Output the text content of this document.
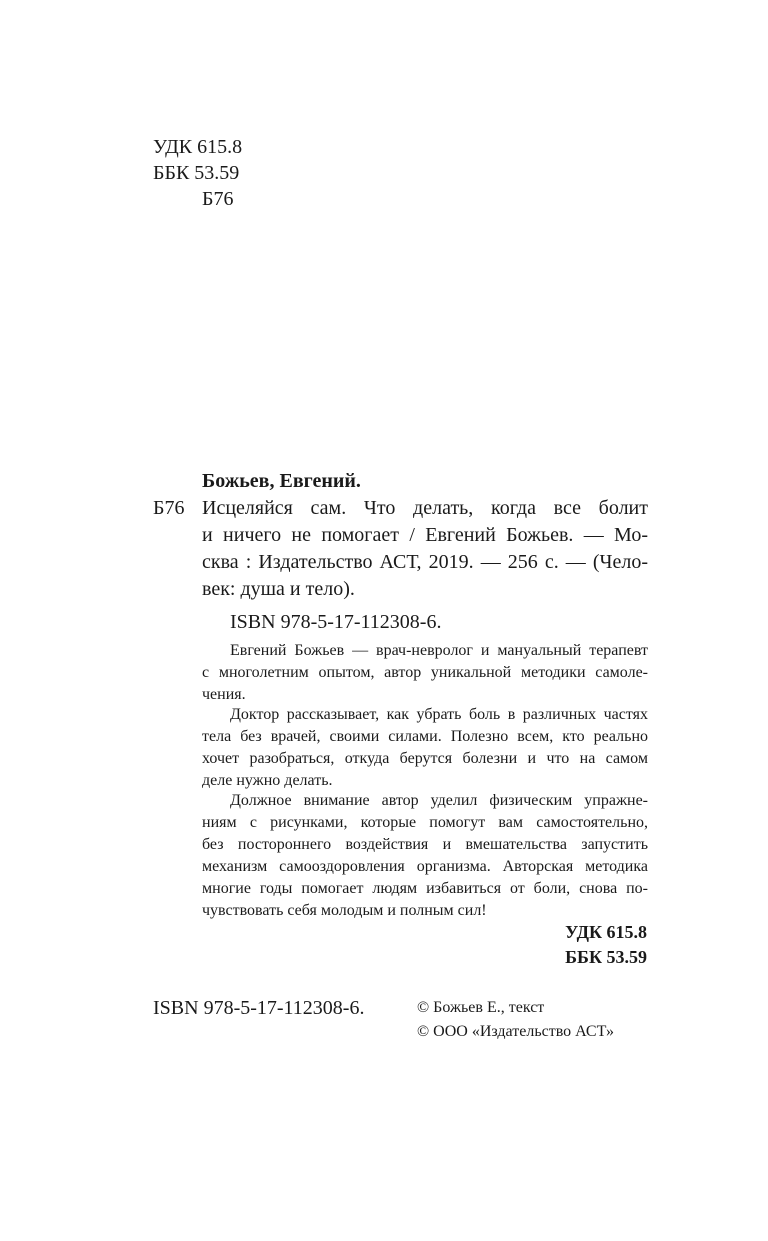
УДК 615.8
ББК 53.59
Б76
Божьев, Евгений.
Б76 Исцеляйся сам. Что делать, когда все болит
и ничего не помогает / Евгений Божьев. — Мо-
сква : Издательство АСТ, 2019. — 256 с. — (Чело-
век: душа и тело).
ISBN 978-5-17-112308-6.
Евгений Божьев — врач-невролог и мануальный терапевт
с многолетним опытом, автор уникальной методики самоле-
чения.
Доктор рассказывает, как убрать боль в различных частях
тела без врачей, своими силами. Полезно всем, кто реально
хочет разобраться, откуда берутся болезни и что на самом
деле нужно делать.
Должное внимание автор уделил физическим упражне-
ниям с рисунками, которые помогут вам самостоятельно,
без постороннего воздействия и вмешательства запустить
механизм самооздоровления организма. Авторская методика
многие годы помогает людям избавиться от боли, снова по-
чувствовать себя молодым и полным сил!
УДК 615.8
ББК 53.59
ISBN 978-5-17-112308-6.	© Божьев Е., текст
© ООО «Издательство АСТ»
